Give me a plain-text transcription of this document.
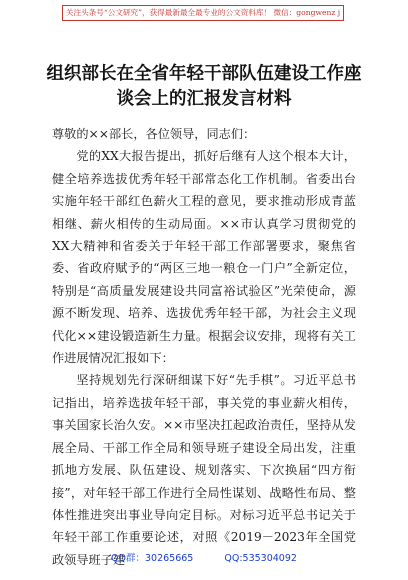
关注头条号“公文研究”，获得最新最全最专业的公文资料库！ 微信：gongwenz j
组织部长在全省年轻干部队伍建设工作座
谈会上的汇报发言材料

尊敬的××部长，各位领导，同志们：

党的XX大报告提出，抓好后继有人这个根本大计，健全培养选拔优秀年轻干部常态化工作机制。省委出台实施年轻干部红色薪火工程的意见，要求推动形成青蓝相继、薪火相传的生动局面。××市认真学习贯彻党的XX大精神和省委关于年轻干部工作部署要求，聚焦省委、省政府赋予的“两区三地一粮仓一门户”全新定位，特别是“高质量发展建设共同富裕试验区”光荣使命，源源不断发现、培养、选拔优秀年轻干部，为社会主义现代化××建设锻造新生力量。根据会议安排，现将有关工作进展情况汇报如下：

坚持规划先行深研细谋下好“先手棋”。习近平总书记指出，培养选拔年轻干部，事关党的事业薪火相传，事关国家长治久安。××市坚决扛起政治责任，坚持从发展全局、干部工作全局和领导班子建设全局出发，注重抓地方发展、队伍建设、规划落实、下次换届“四方衔接”，对年轻干部工作进行全局性谋划、战略性布局、整体性推进突出事业导向定目标。对标习近平总书记关于年轻干部工作重要论述，对照《2019－2023年全国党政领导班子建

QQ群：30265665	QQ:535304092
